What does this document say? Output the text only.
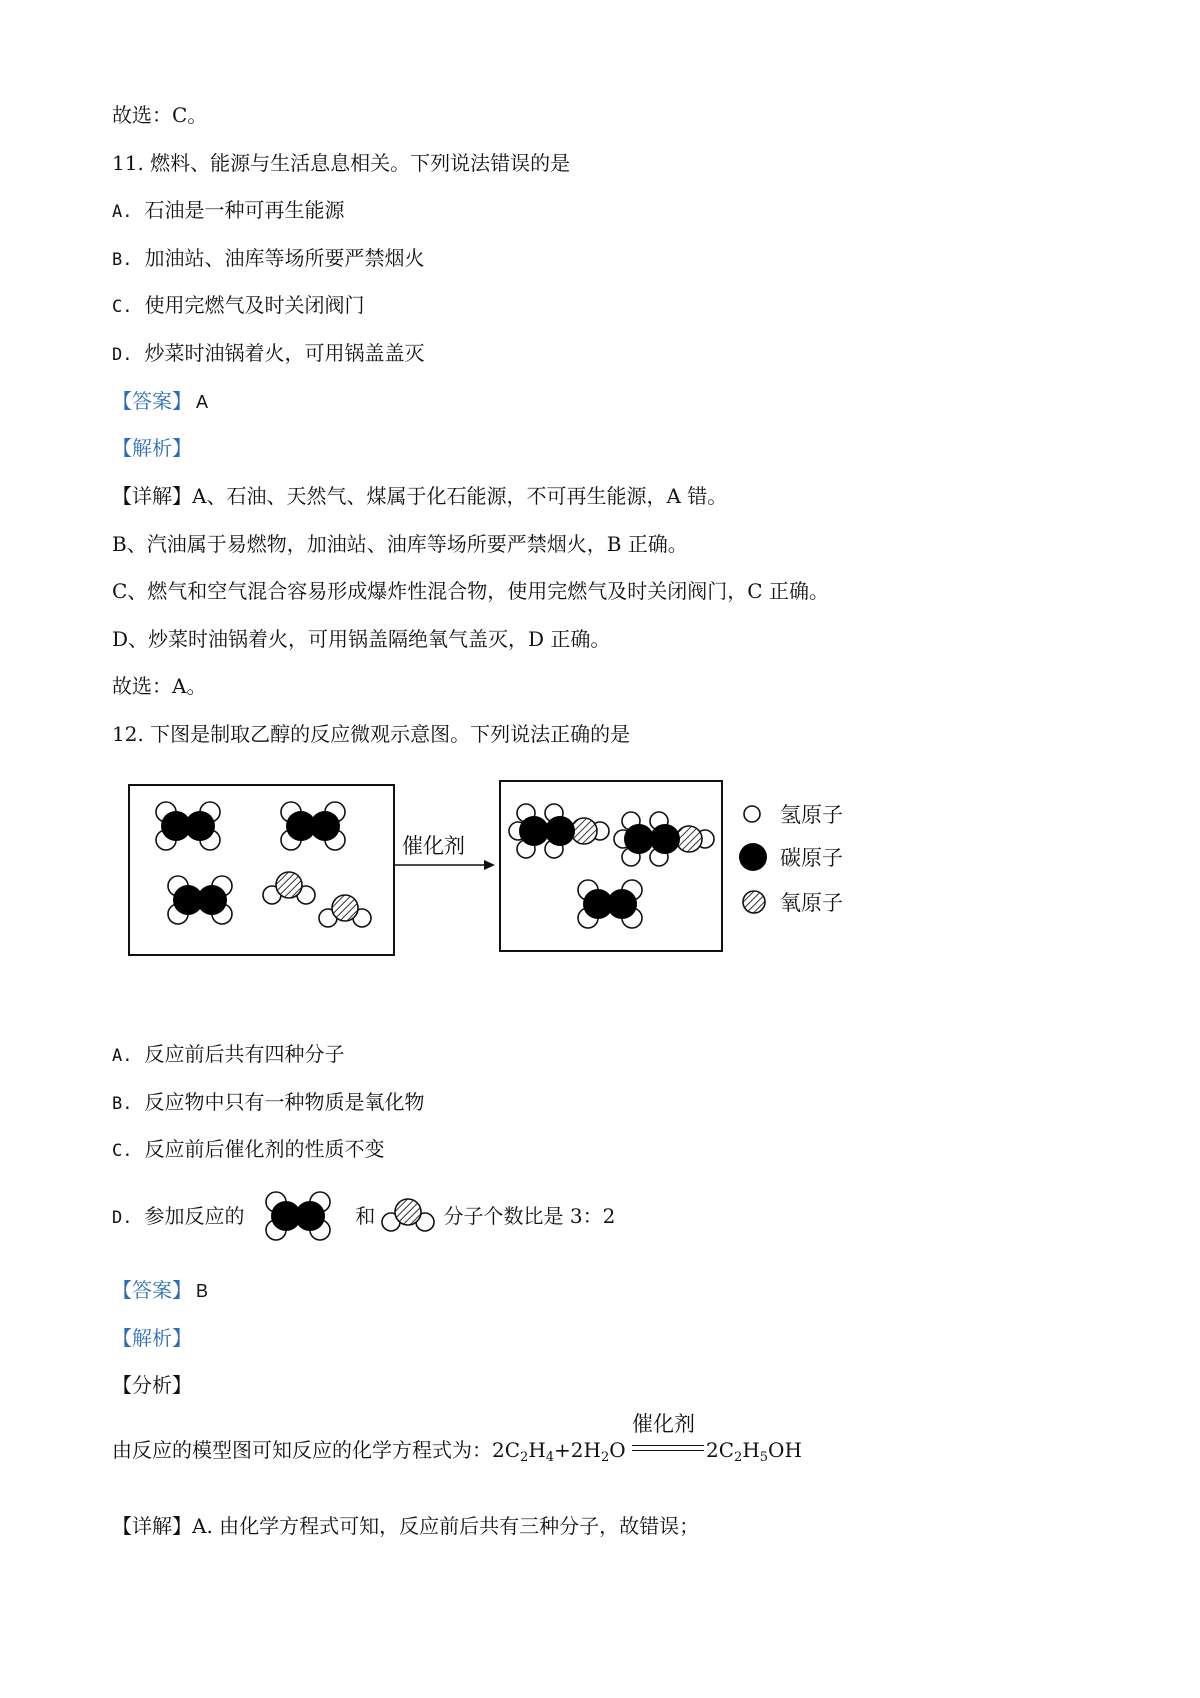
故选：C。
11. 燃料、能源与生活息息相关。下列说法错误的是
A. 石油是一种可再生能源
B. 加油站、油库等场所要严禁烟火
C. 使用完燃气及时关闭阀门
D. 炒菜时油锅着火，可用锅盖盖灭
【答案】 A
【解析】
【详解】A、石油、天然气、煤属于化石能源，不可再生能源，A 错。
B、汽油属于易燃物，加油站、油库等场所要严禁烟火，B 正确。
C、燃气和空气混合容易形成爆炸性混合物，使用完燃气及时关闭阀门，C 正确。
D、炒菜时油锅着火，可用锅盖隔绝氧气盖灭，D 正确。
故选：A。
12. 下图是制取乙醇的反应微观示意图。下列说法正确的是
催化剂
氢原子
碳原子
氧原子
A. 反应前后共有四种分子
B. 反应物中只有一种物质是氧化物
C. 反应前后催化剂的性质不变
D. 参加反应的	和	分子个数比是 3：2
【答案】 B
【解析】
【分析】
由反应的模型图可知反应的化学方程式为：$2C_2H_4+2H_2O$
催化剂
$2C_2H_5OH$
【详解】A. 由化学方程式可知，反应前后共有三种分子，故错误；
